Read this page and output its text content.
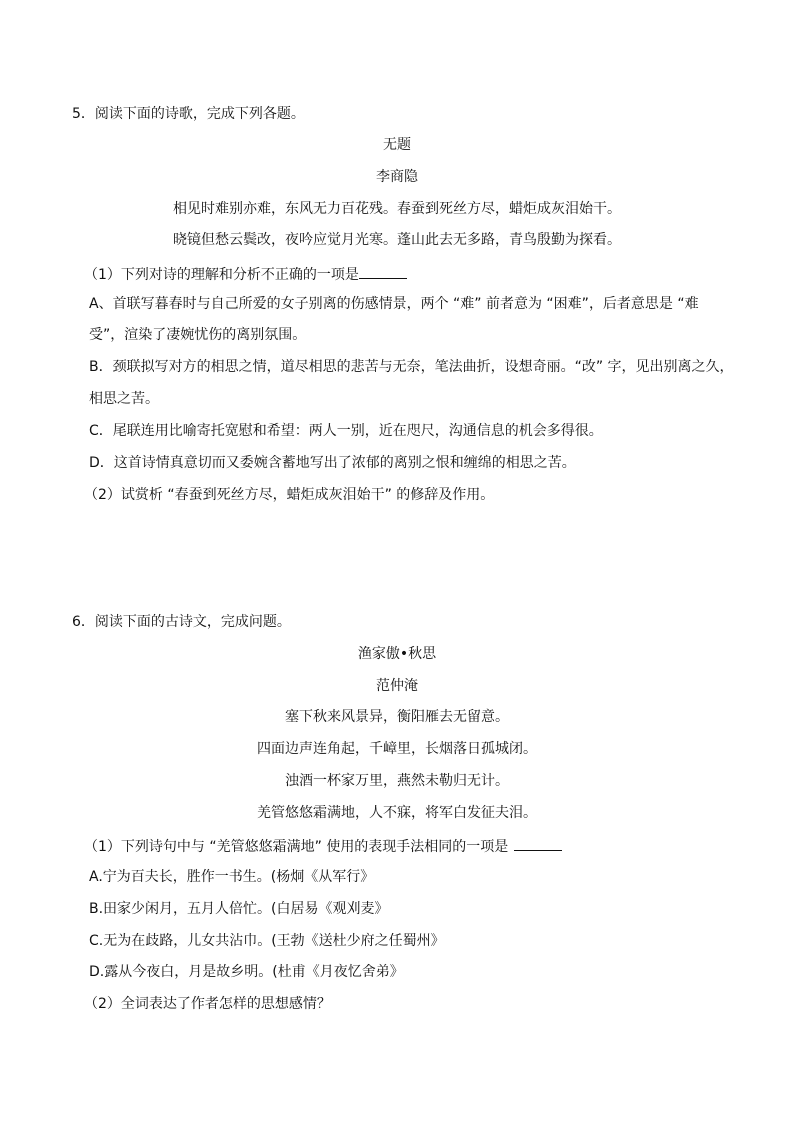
5．阅读下面的诗歌，完成下列各题。
无题
李商隐
相见时难别亦难，东风无力百花残。春蚕到死丝方尽，蜡炬成灰泪始干。
晓镜但愁云鬓改，夜吟应觉月光寒。蓬山此去无多路，青鸟殷勤为探看。
（1）下列对诗的理解和分析不正确的一项是
A、首联写暮春时与自己所爱的女子别离的伤感情景，两个 “难” 前者意为 “困难”，后者意思是 “难
受”，渲染了凄婉忧伤的离别氛围。
B．颈联拟写对方的相思之情，道尽相思的悲苦与无奈，笔法曲折，设想奇丽。“改” 字，见出别离之久，
相思之苦。
C．尾联连用比喻寄托宽慰和希望：两人一别，近在咫尺，沟通信息的机会多得很。
D．这首诗情真意切而又委婉含蓄地写出了浓郁的离别之恨和缠绵的相思之苦。
（2）试赏析 “春蚕到死丝方尽，蜡炬成灰泪始干” 的修辞及作用。
6．阅读下面的古诗文，完成问题。
渔家傲•秋思
范仲淹
塞下秋来风景异，衡阳雁去无留意。
四面边声连角起，千嶂里，长烟落日孤城闭。
浊酒一杯家万里，燕然未勒归无计。
羌管悠悠霜满地，人不寐，将军白发征夫泪。
（1）下列诗句中与 “羌管悠悠霜满地” 使用的表现手法相同的一项是
A.宁为百夫长，胜作一书生。(杨炯《从军行》
B.田家少闲月，五月人倍忙。(白居易《观刈麦》
C.无为在歧路，儿女共沾巾。(王勃《送杜少府之任蜀州》
D.露从今夜白，月是故乡明。(杜甫《月夜忆舍弟》
（2）全词表达了作者怎样的思想感情？
